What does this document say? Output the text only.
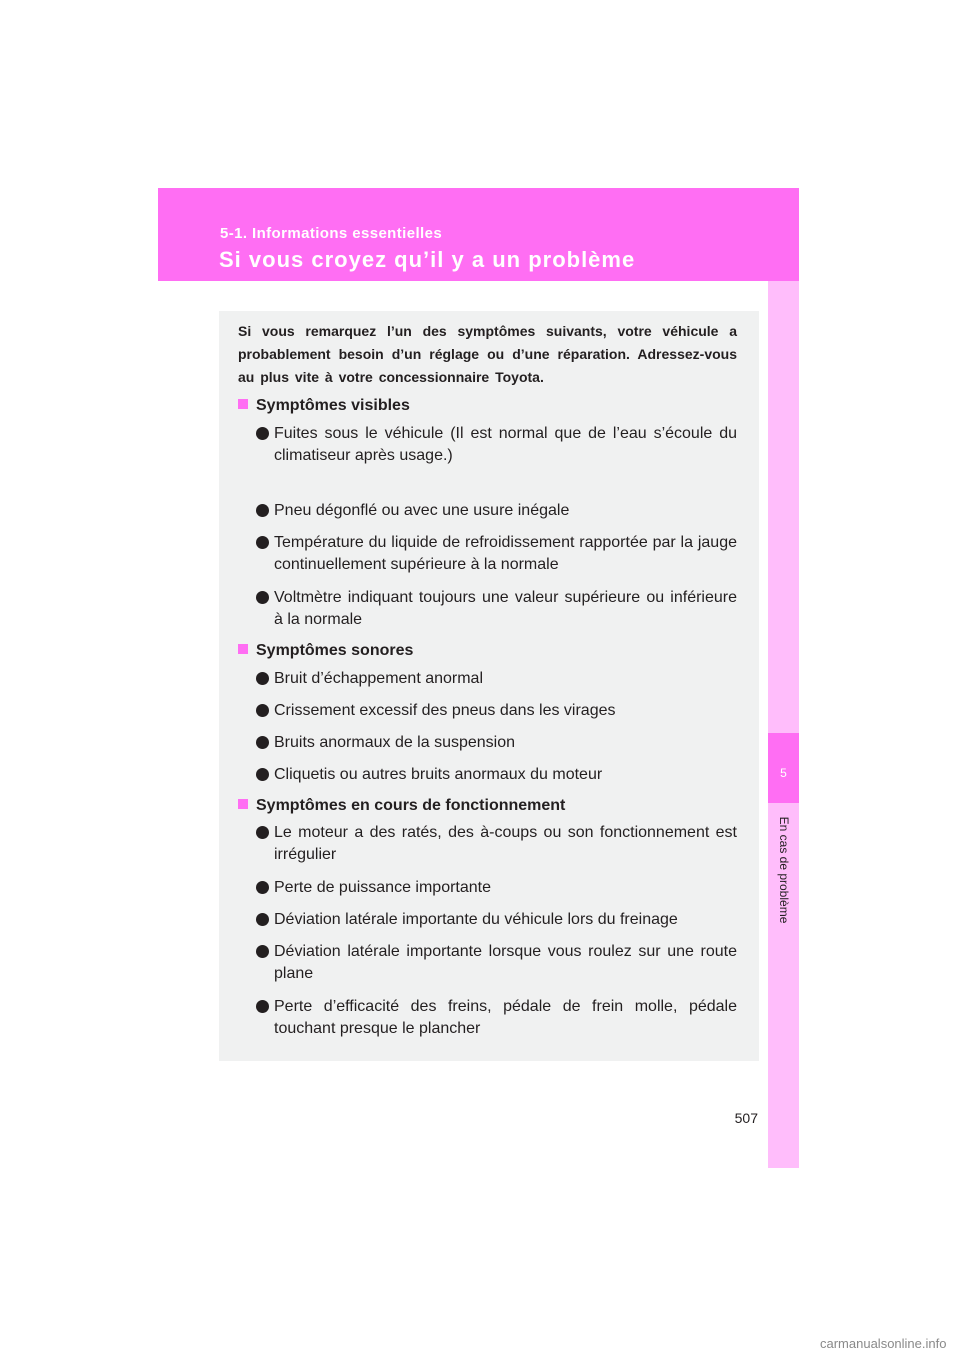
5-1. Informations essentielles
Si vous croyez qu’il y a un problème
5
En cas de problème

Si vous remarquez l’un des symptômes suivants, votre véhicule a probablement besoin d’un réglage ou d’une réparation. Adressez-vous au plus vite à votre concessionnaire Toyota.

Symptômes visibles

Fuites sous le véhicule (Il est normal que de l’eau s’écoule du climatiseur après usage.)

Pneu dégonflé ou avec une usure inégale

Température du liquide de refroidissement rapportée par la jauge continuellement supérieure à la normale

Voltmètre indiquant toujours une valeur supérieure ou inférieure à la normale

Symptômes sonores

Bruit d’échappement anormal

Crissement excessif des pneus dans les virages

Bruits anormaux de la suspension

Cliquetis ou autres bruits anormaux du moteur

Symptômes en cours de fonctionnement

Le moteur a des ratés, des à-coups ou son fonctionnement est irrégulier

Perte de puissance importante

Déviation latérale importante du véhicule lors du freinage

Déviation latérale importante lorsque vous roulez sur une route plane

Perte d’efficacité des freins, pédale de frein molle, pédale touchant presque le plancher

507
carmanualsonline.info
